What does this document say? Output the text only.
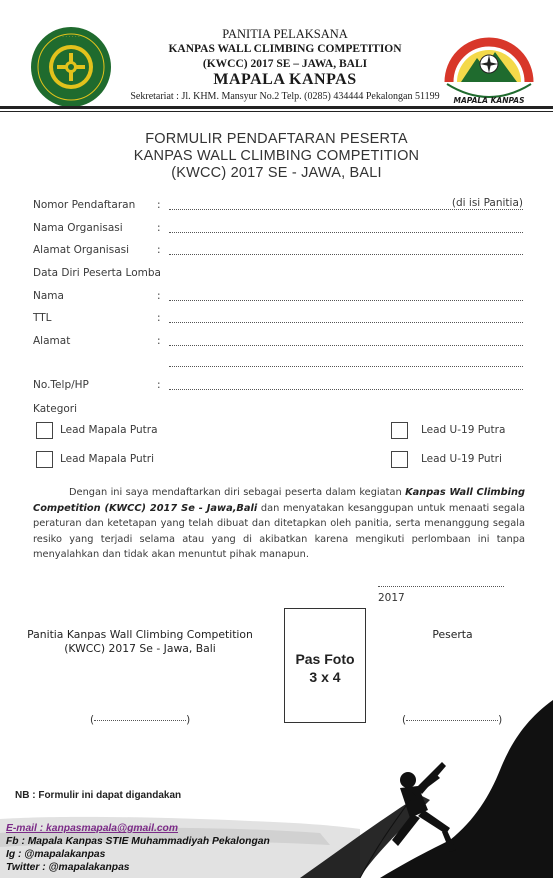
· · · · · ·	PANITIA PELAKSANA
KANPAS WALL CLIMBING COMPETITION
(KWCC) 2017 SE – JAWA, BALI
MAPALA KANPAS
Sekretariat : Jl. KHM. Mansyur No.2 Telp. (0285) 434444 Pekalongan 51199	MAPALA KANPAS
FORMULIR PENDAFTARAN PESERTA
KANPAS WALL CLIMBING COMPETITION
(KWCC) 2017 SE - JAWA, BALI
Nomor Pendaftaran :	(di isi Panitia)
Nama Organisasi	:
Alamat Organisasi	:
Data Diri Peserta Lomba
Nama	:
TTL	:
Alamat	:
No.Telp/HP	:
Kategori
Lead Mapala Putra
Lead Mapala Putri
Lead U-19 Putra
Lead U-19 Putri
Dengan ini saya mendaftarkan diri sebagai peserta dalam kegiatan Kanpas Wall Climbing Competition (KWCC) 2017 Se - Jawa,Bali dan menyatakan kesanggupan untuk menaati segala peraturan dan ketetapan yang telah dibuat dan ditetapkan oleh panitia, serta menanggung segala resiko yang terjadi selama atau yang di akibatkan karena mengikuti perlombaan ini tanpa menyalahkan dan tidak akan menuntut pihak manapun.
2017
Panitia Kanpas Wall Climbing Competition
(KWCC) 2017 Se - Jawa, Bali
Pas Foto
3 x 4
Peserta
(	)	(	)
NB : Formulir ini dapat digandakan
E-mail : kanpasmapala@gmail.com
Fb : Mapala Kanpas STIE Muhammadiyah Pekalongan
Ig : @mapalakanpas
Twitter : @mapalakanpas
